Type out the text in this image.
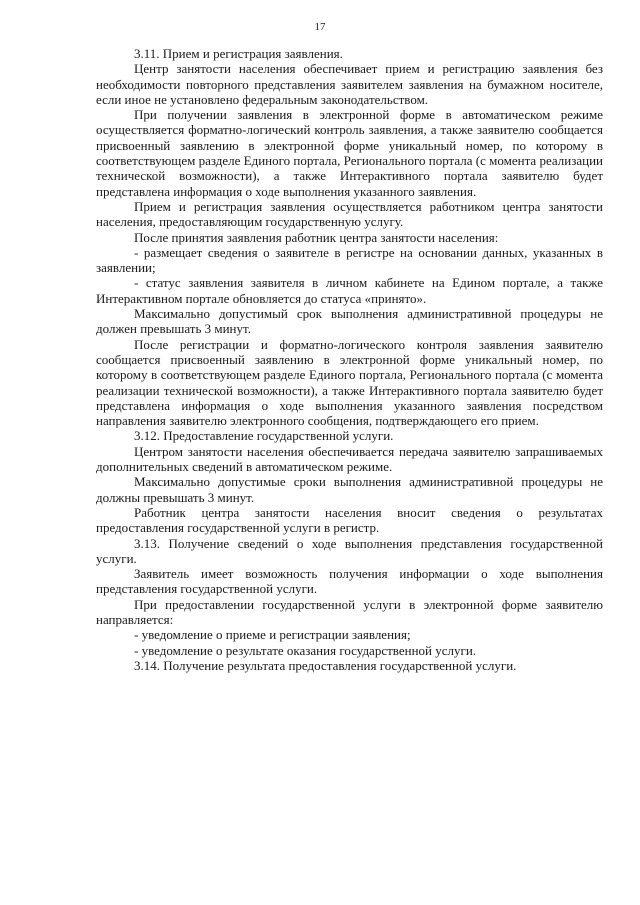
17

3.11. Прием и регистрация заявления.

Центр занятости населения обеспечивает прием и регистрацию заявления без необходимости повторного представления заявителем заявления на бумажном носителе, если иное не установлено федеральным законодательством.

При получении заявления в электронной форме в автоматическом режиме осуществляется форматно-логический контроль заявления, а также заявителю сообщается присвоенный заявлению в электронной форме уникальный номер, по которому в соответствующем разделе Единого портала, Регионального портала (с момента реализации технической возможности), а также Интерактивного портала заявителю будет представлена информация о ходе выполнения указанного заявления.

Прием и регистрация заявления осуществляется работником центра занятости населения, предоставляющим государственную услугу.

После принятия заявления работник центра занятости населения:

- размещает сведения о заявителе в регистре на основании данных, указанных в заявлении;

- статус заявления заявителя в личном кабинете на Едином портале, а также Интерактивном портале обновляется до статуса «принято».

Максимально допустимый срок выполнения административной процедуры не должен превышать 3 минут.

После регистрации и форматно-логического контроля заявления заявителю сообщается присвоенный заявлению в электронной форме уникальный номер, по которому в соответствующем разделе Единого портала, Регионального портала (с момента реализации технической возможности), а также Интерактивного портала заявителю будет представлена информация о ходе выполнения указанного заявления посредством направления заявителю электронного сообщения, подтверждающего его прием.

3.12. Предоставление государственной услуги.

Центром занятости населения обеспечивается передача заявителю запрашиваемых дополнительных сведений в автоматическом режиме.

Максимально допустимые сроки выполнения административной процедуры не должны превышать 3 минут.

Работник центра занятости населения вносит сведения о результатах предоставления государственной услуги в регистр.

3.13. Получение сведений о ходе выполнения представления государственной услуги.

Заявитель имеет возможность получения информации о ходе выполнения представления государственной услуги.

При предоставлении государственной услуги в электронной форме заявителю направляется:

- уведомление о приеме и регистрации заявления;

- уведомление о результате оказания государственной услуги.

3.14. Получение результата предоставления государственной услуги.
